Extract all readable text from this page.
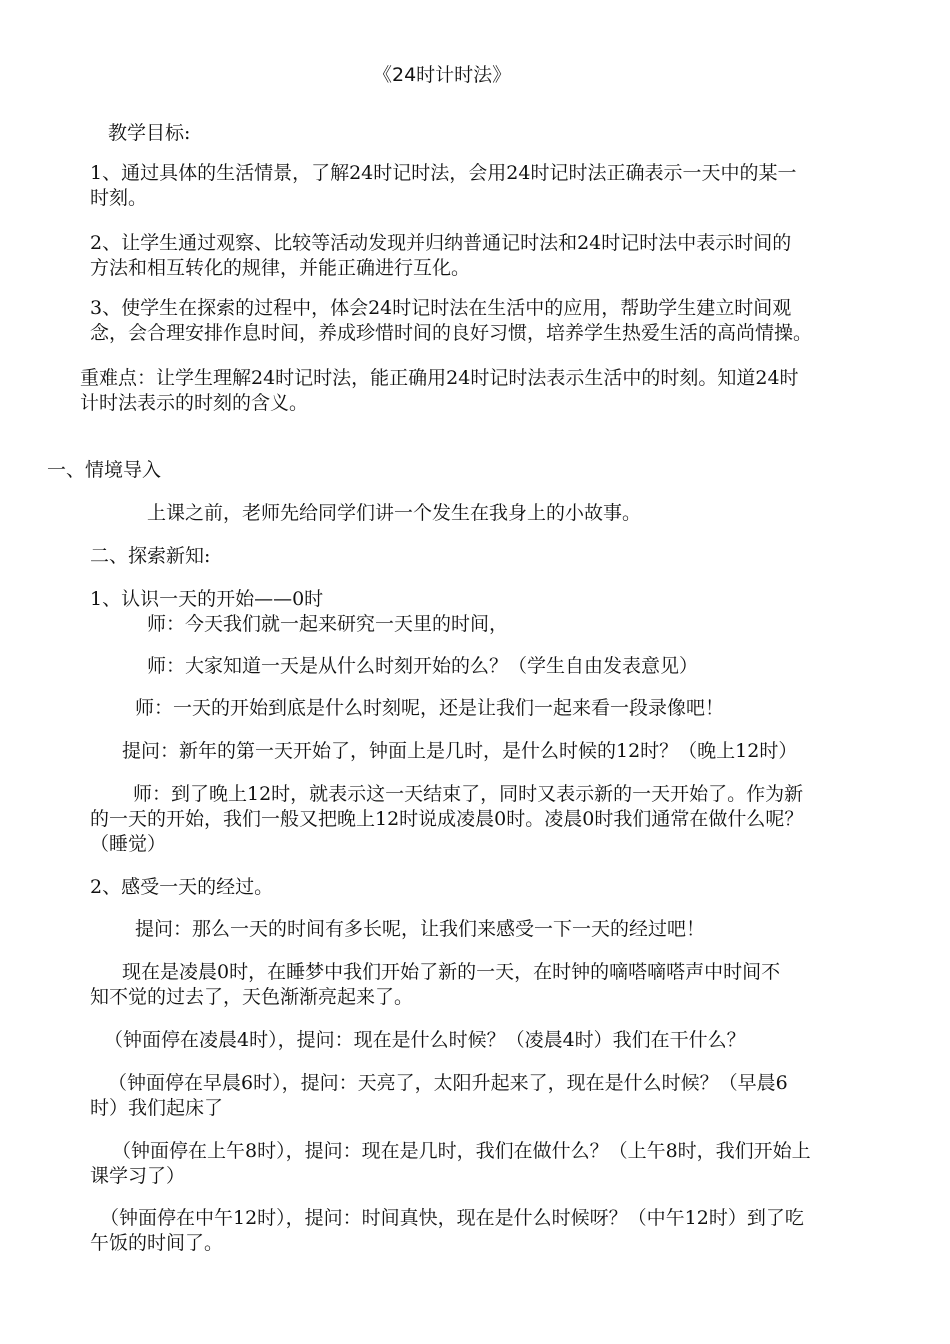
《24时计时法》
教学目标:
1、通过具体的生活情景，了解24时记时法，会用24时记时法正确表示一天中的某一
时刻。
2、让学生通过观察、比较等活动发现并归纳普通记时法和24时记时法中表示时间的
方法和相互转化的规律，并能正确进行互化。
3、使学生在探索的过程中，体会24时记时法在生活中的应用，帮助学生建立时间观
念，会合理安排作息时间，养成珍惜时间的良好习惯，培养学生热爱生活的高尚情操。
重难点：让学生理解24时记时法，能正确用24时记时法表示生活中的时刻。知道24时
计时法表示的时刻的含义。
一、情境导入
上课之前，老师先给同学们讲一个发生在我身上的小故事。
二、探索新知:
1、认识一天的开始——0时
师：今天我们就一起来研究一天里的时间，
师：大家知道一天是从什么时刻开始的么？（学生自由发表意见）
师：一天的开始到底是什么时刻呢，还是让我们一起来看一段录像吧！
提问：新年的第一天开始了，钟面上是几时，是什么时候的12时？（晚上12时）
师：到了晚上12时，就表示这一天结束了，同时又表示新的一天开始了。作为新
的一天的开始，我们一般又把晚上12时说成凌晨0时。凌晨0时我们通常在做什么呢？
（睡觉）
2、感受一天的经过。
提问：那么一天的时间有多长呢，让我们来感受一下一天的经过吧！
现在是凌晨0时，在睡梦中我们开始了新的一天，在时钟的嘀嗒嘀嗒声中时间不
知不觉的过去了，天色渐渐亮起来了。
（钟面停在凌晨4时），提问：现在是什么时候？（凌晨4时）我们在干什么？
（钟面停在早晨6时），提问：天亮了，太阳升起来了，现在是什么时候？（早晨6
时）我们起床了
（钟面停在上午8时），提问：现在是几时，我们在做什么？（上午8时，我们开始上
课学习了）
（钟面停在中午12时），提问：时间真快，现在是什么时候呀？（中午12时）到了吃
午饭的时间了。
